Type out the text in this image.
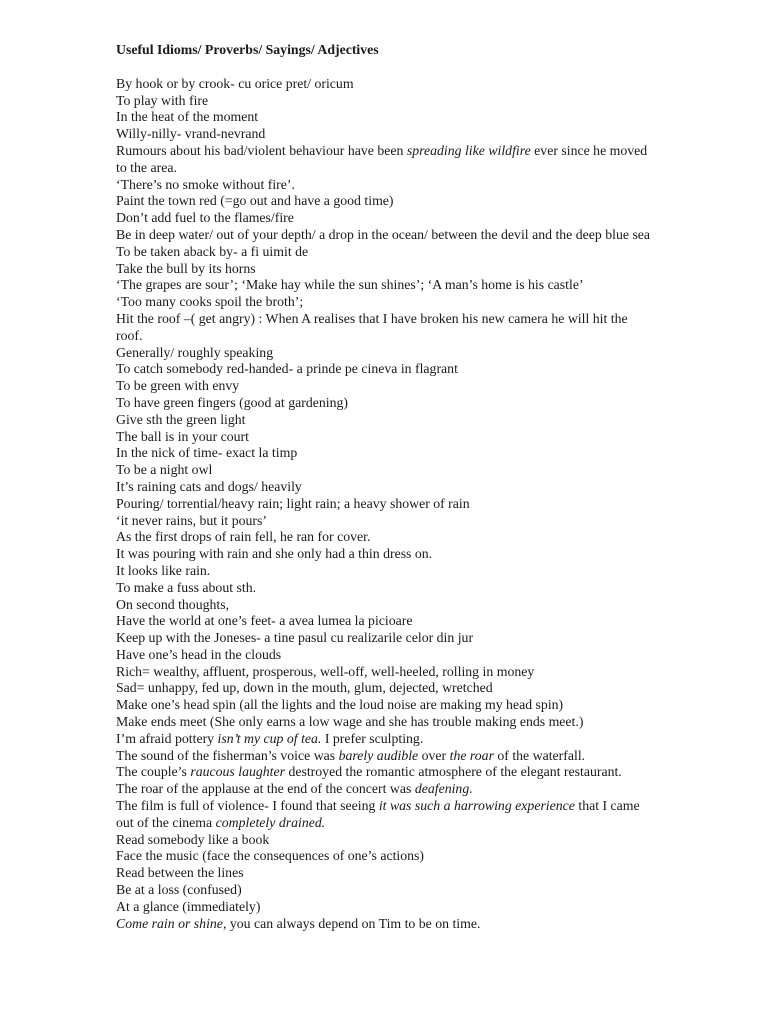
Useful Idioms/ Proverbs/ Sayings/ Adjectives
By hook or by crook- cu orice pret/ oricum
To play with fire
In the heat of the moment
Willy-nilly- vrand-nevrand
Rumours about his bad/violent behaviour have been spreading like wildfire ever since he moved to the area.
‘There’s no smoke without fire’.
Paint the town red (=go out and have a good time)
Don’t add fuel to the flames/fire
Be in deep water/ out of your depth/ a drop in the ocean/ between the devil and the deep blue sea
To be taken aback by- a fi uimit de
Take the bull by its horns
‘The grapes are sour’; ‘Make hay while the sun shines’; ‘A man’s home is his castle’
‘Too many cooks spoil the broth’;
Hit the roof –( get angry) : When A realises that I have broken his new camera he will hit the roof.
Generally/ roughly speaking
To catch somebody red-handed- a prinde pe cineva in flagrant
To be green with envy
To have green fingers (good at gardening)
Give sth the green light
The ball is in your court
In the nick of time- exact la timp
To be a night owl
It’s raining cats and dogs/ heavily
Pouring/ torrential/heavy rain; light rain; a heavy shower of rain
‘it never rains, but it pours’
As the first drops of rain fell, he ran for cover.
It was pouring with rain and she only had a thin dress on.
It looks like rain.
To make a fuss about sth.
On second thoughts,
Have the world at one’s feet- a avea lumea la picioare
Keep up with the Joneses- a tine pasul cu realizarile celor din jur
Have one’s head in the clouds
Rich= wealthy, affluent, prosperous, well-off, well-heeled, rolling in money
Sad= unhappy, fed up, down in the mouth, glum, dejected, wretched
Make one’s head spin (all the lights and the loud noise are making my head spin)
Make ends meet (She only earns a low wage and she has trouble making ends meet.)
I’m afraid pottery isn’t my cup of tea. I prefer sculpting.
The sound of the fisherman’s voice was barely audible over the roar of the waterfall.
The couple’s raucous laughter destroyed the romantic atmosphere of the elegant restaurant.
The roar of the applause at the end of the concert was deafening.
The film is full of violence- I found that seeing it was such a harrowing experience that I came out of the cinema completely drained.
Read somebody like a book
Face the music (face the consequences of one’s actions)
Read between the lines
Be at a loss (confused)
At a glance (immediately)
Come rain or shine, you can always depend on Tim to be on time.
